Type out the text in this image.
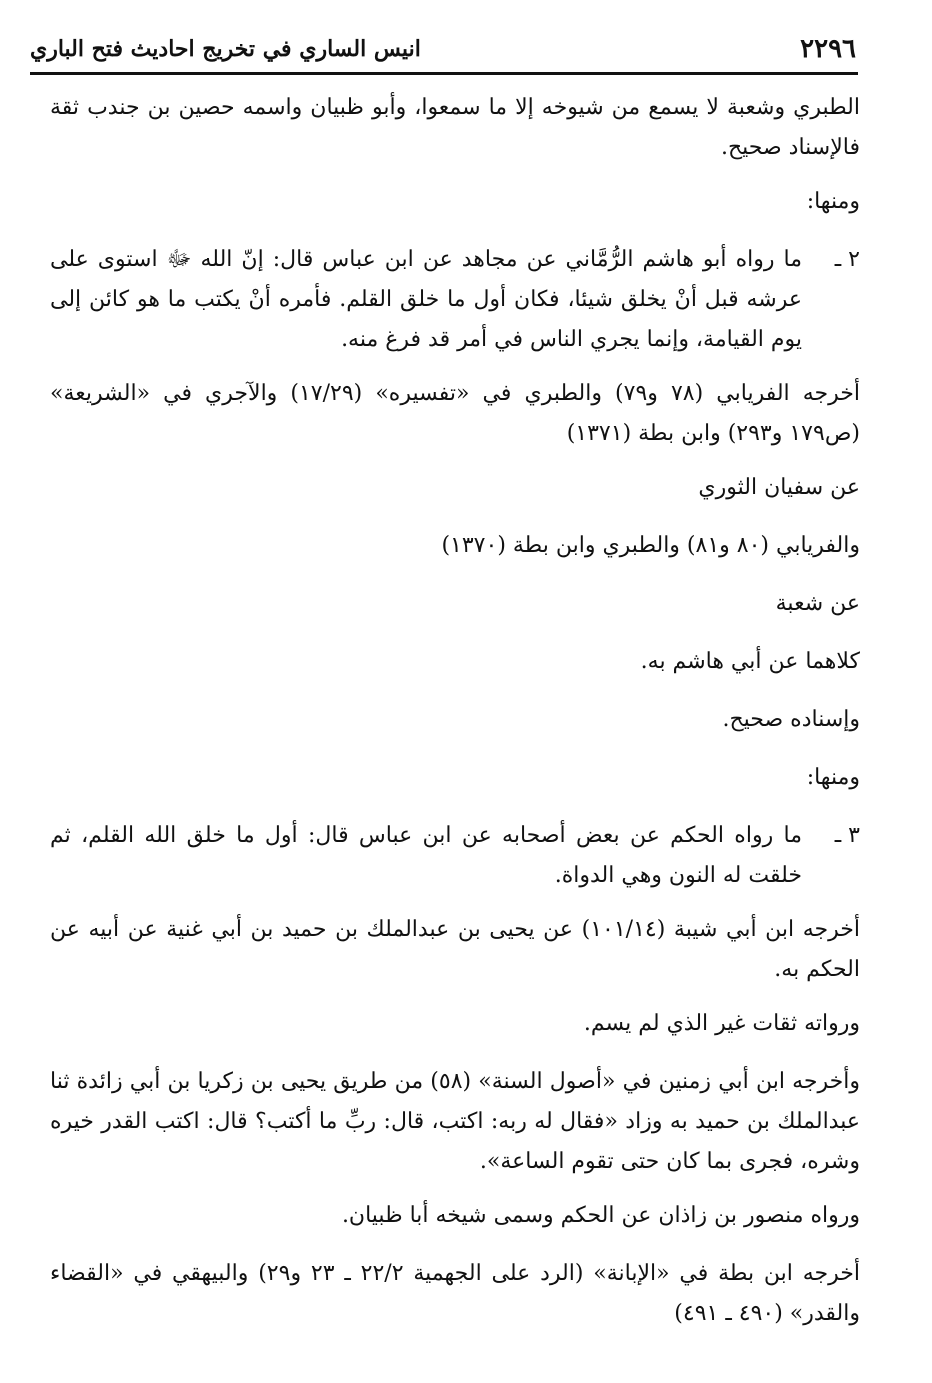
٢٢٩٦
انيس الساري في تخريج احاديث فتح الباري

الطبري وشعبة لا يسمع من شيوخه إلا ما سمعوا، وأبو ظبيان واسمه حصين بن جندب ثقة فالإسناد صحيح.

ومنها:

٢ ـ
ما رواه أبو هاشم الرُّمَّاني عن مجاهد عن ابن عباس قال: إنّ الله ﷻ استوى على عرشه قبل أنْ يخلق شيئا، فكان أول ما خلق القلم. فأمره أنْ يكتب ما هو كائن إلى يوم القيامة، وإنما يجري الناس في أمر قد فرغ منه.

أخرجه الفريابي (٧٨ و٧٩) والطبري في «تفسيره» (١٧/٢٩) والآجري في «الشريعة» (ص١٧٩ و٢٩٣) وابن بطة (١٣٧١)

عن سفيان الثوري

والفريابي (٨٠ و٨١) والطبري وابن بطة (١٣٧٠)

عن شعبة

كلاهما عن أبي هاشم به.

وإسناده صحيح.

ومنها:

٣ ـ
ما رواه الحكم عن بعض أصحابه عن ابن عباس قال: أول ما خلق الله القلم، ثم خلقت له النون وهي الدواة.

أخرجه ابن أبي شيبة (١٠١/١٤) عن يحيى بن عبدالملك بن حميد بن أبي غنية عن أبيه عن الحكم به.

ورواته ثقات غير الذي لم يسم.

وأخرجه ابن أبي زمنين في «أصول السنة» (٥٨) من طريق يحيى بن زكريا بن أبي زائدة ثنا عبدالملك بن حميد به وزاد «فقال له ربه: اكتب، قال: ربِّ ما أكتب؟ قال: اكتب القدر خيره وشره، فجرى بما كان حتى تقوم الساعة».

ورواه منصور بن زاذان عن الحكم وسمى شيخه أبا ظبيان.

أخرجه ابن بطة في «الإبانة» (الرد على الجهمية ٢٢/٢ ـ ٢٣ و٢٩) والبيهقي في «القضاء والقدر» (٤٩٠ ـ ٤٩١)
